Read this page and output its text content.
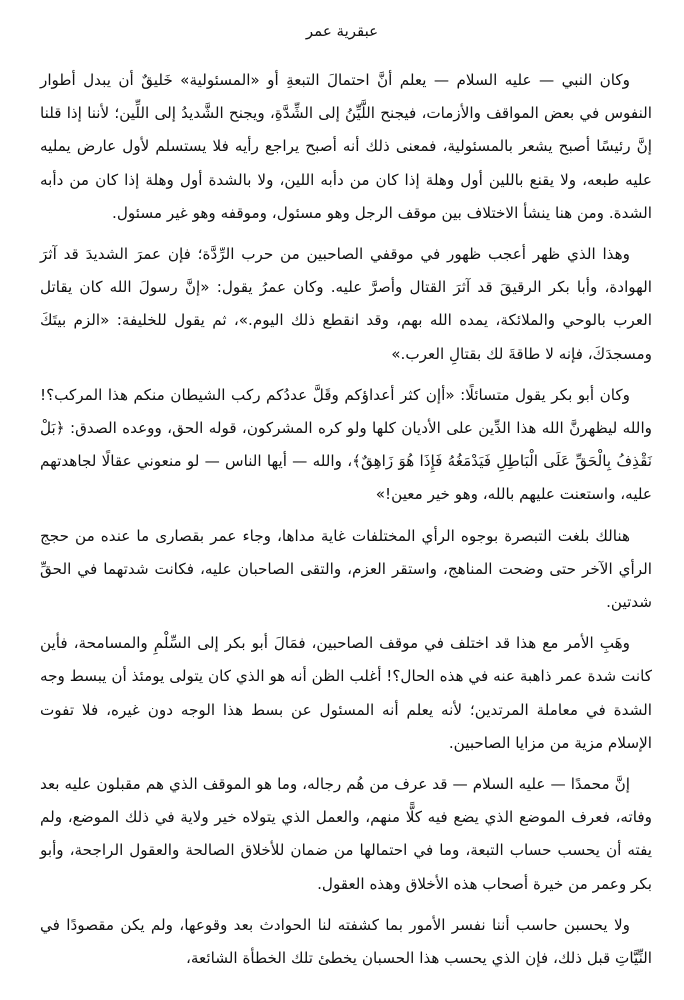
عبقرية عمر

وكان النبي — عليه السلام — يعلم أنَّ احتمالَ التبعةِ أو «المسئولية» خَليقٌ أن يبدل أطوار النفوس في بعض المواقف والأزمات، فيجنح اللَّيِّنُ إلى الشِّدَّةِ، ويجنح الشَّديدُ إلى اللِّين؛ لأننا إذا قلنا إنَّ رئيسًا أصبح يشعر بالمسئولية، فمعنى ذلك أنه أصبح يراجع رأيه فلا يستسلم لأول عارض يمليه عليه طبعه، ولا يقنع باللين أول وهلة إذا كان من دأبه اللين، ولا بالشدة أول وهلة إذا كان من دأبه الشدة. ومن هنا ينشأ الاختلاف بين موقف الرجل وهو مسئول، وموقفه وهو غير مسئول.

وهذا الذي ظهر أعجب ظهور في موقفي الصاحبين من حرب الرِّدَّة؛ فإن عمرَ الشديدَ قد آثرَ الهوادة، وأبا بكر الرقيقَ قد آثرَ القتال وأصرَّ عليه. وكان عمرُ يقول: «إنَّ رسولَ الله كان يقاتل العرب بالوحي والملائكة، يمده الله بهم، وقد انقطع ذلك اليوم.»، ثم يقول للخليفة: «الزم بيتَكَ ومسجدَكَ، فإنه لا طاقةَ لك بقتالِ العرب.»

وكان أبو بكر يقول متسائلًا: «أإن كثر أعداؤكم وقَلَّ عددُكم ركب الشيطان منكم هذا المركب؟! والله ليظهرنَّ الله هذا الدِّين على الأديان كلها ولو كره المشركون، قوله الحق، ووعده الصدق: ﴿بَلْ نَقْذِفُ بِالْحَقِّ عَلَى الْبَاطِلِ فَيَدْمَغُهُ فَإِذَا هُوَ زَاهِقٌ﴾، والله — أيها الناس — لو منعوني عقالًا لجاهدتهم عليه، واستعنت عليهم بالله، وهو خير معين!»

هنالك بلغت التبصرة بوجوه الرأي المختلفات غاية مداها، وجاء عمر بقصارى ما عنده من حجج الرأي الآخر حتى وضحت المناهج، واستقر العزم، والتقى الصاحبان عليه، فكانت شدتهما في الحقِّ شدتين.

وهَبِ الأمر مع هذا قد اختلف في موقف الصاحبين، فمَالَ أبو بكر إلى السِّلْمِ والمسامحة، فأين كانت شدة عمر ذاهبة عنه في هذه الحال؟! أغلب الظن أنه هو الذي كان يتولى يومئذ أن يبسط وجه الشدة في معاملة المرتدين؛ لأنه يعلم أنه المسئول عن بسط هذا الوجه دون غيره، فلا تفوت الإسلام مزية من مزايا الصاحبين.

إنَّ محمدًا — عليه السلام — قد عرف من هُم رجاله، وما هو الموقف الذي هم مقبلون عليه بعد وفاته، فعرف الموضع الذي يضع فيه كلًّا منهم، والعمل الذي يتولاه خير ولاية في ذلك الموضع، ولم يفته أن يحسب حساب التبعة، وما في احتمالها من ضمان للأخلاق الصالحة والعقول الراجحة، وأبو بكر وعمر من خيرة أصحاب هذه الأخلاق وهذه العقول.

ولا يحسبن حاسب أننا نفسر الأمور بما كشفته لنا الحوادث بعد وقوعها، ولم يكن مقصودًا في النِّيَّاتِ قبل ذلك، فإن الذي يحسب هذا الحسبان يخطئ تلك الخطأة الشائعة،
